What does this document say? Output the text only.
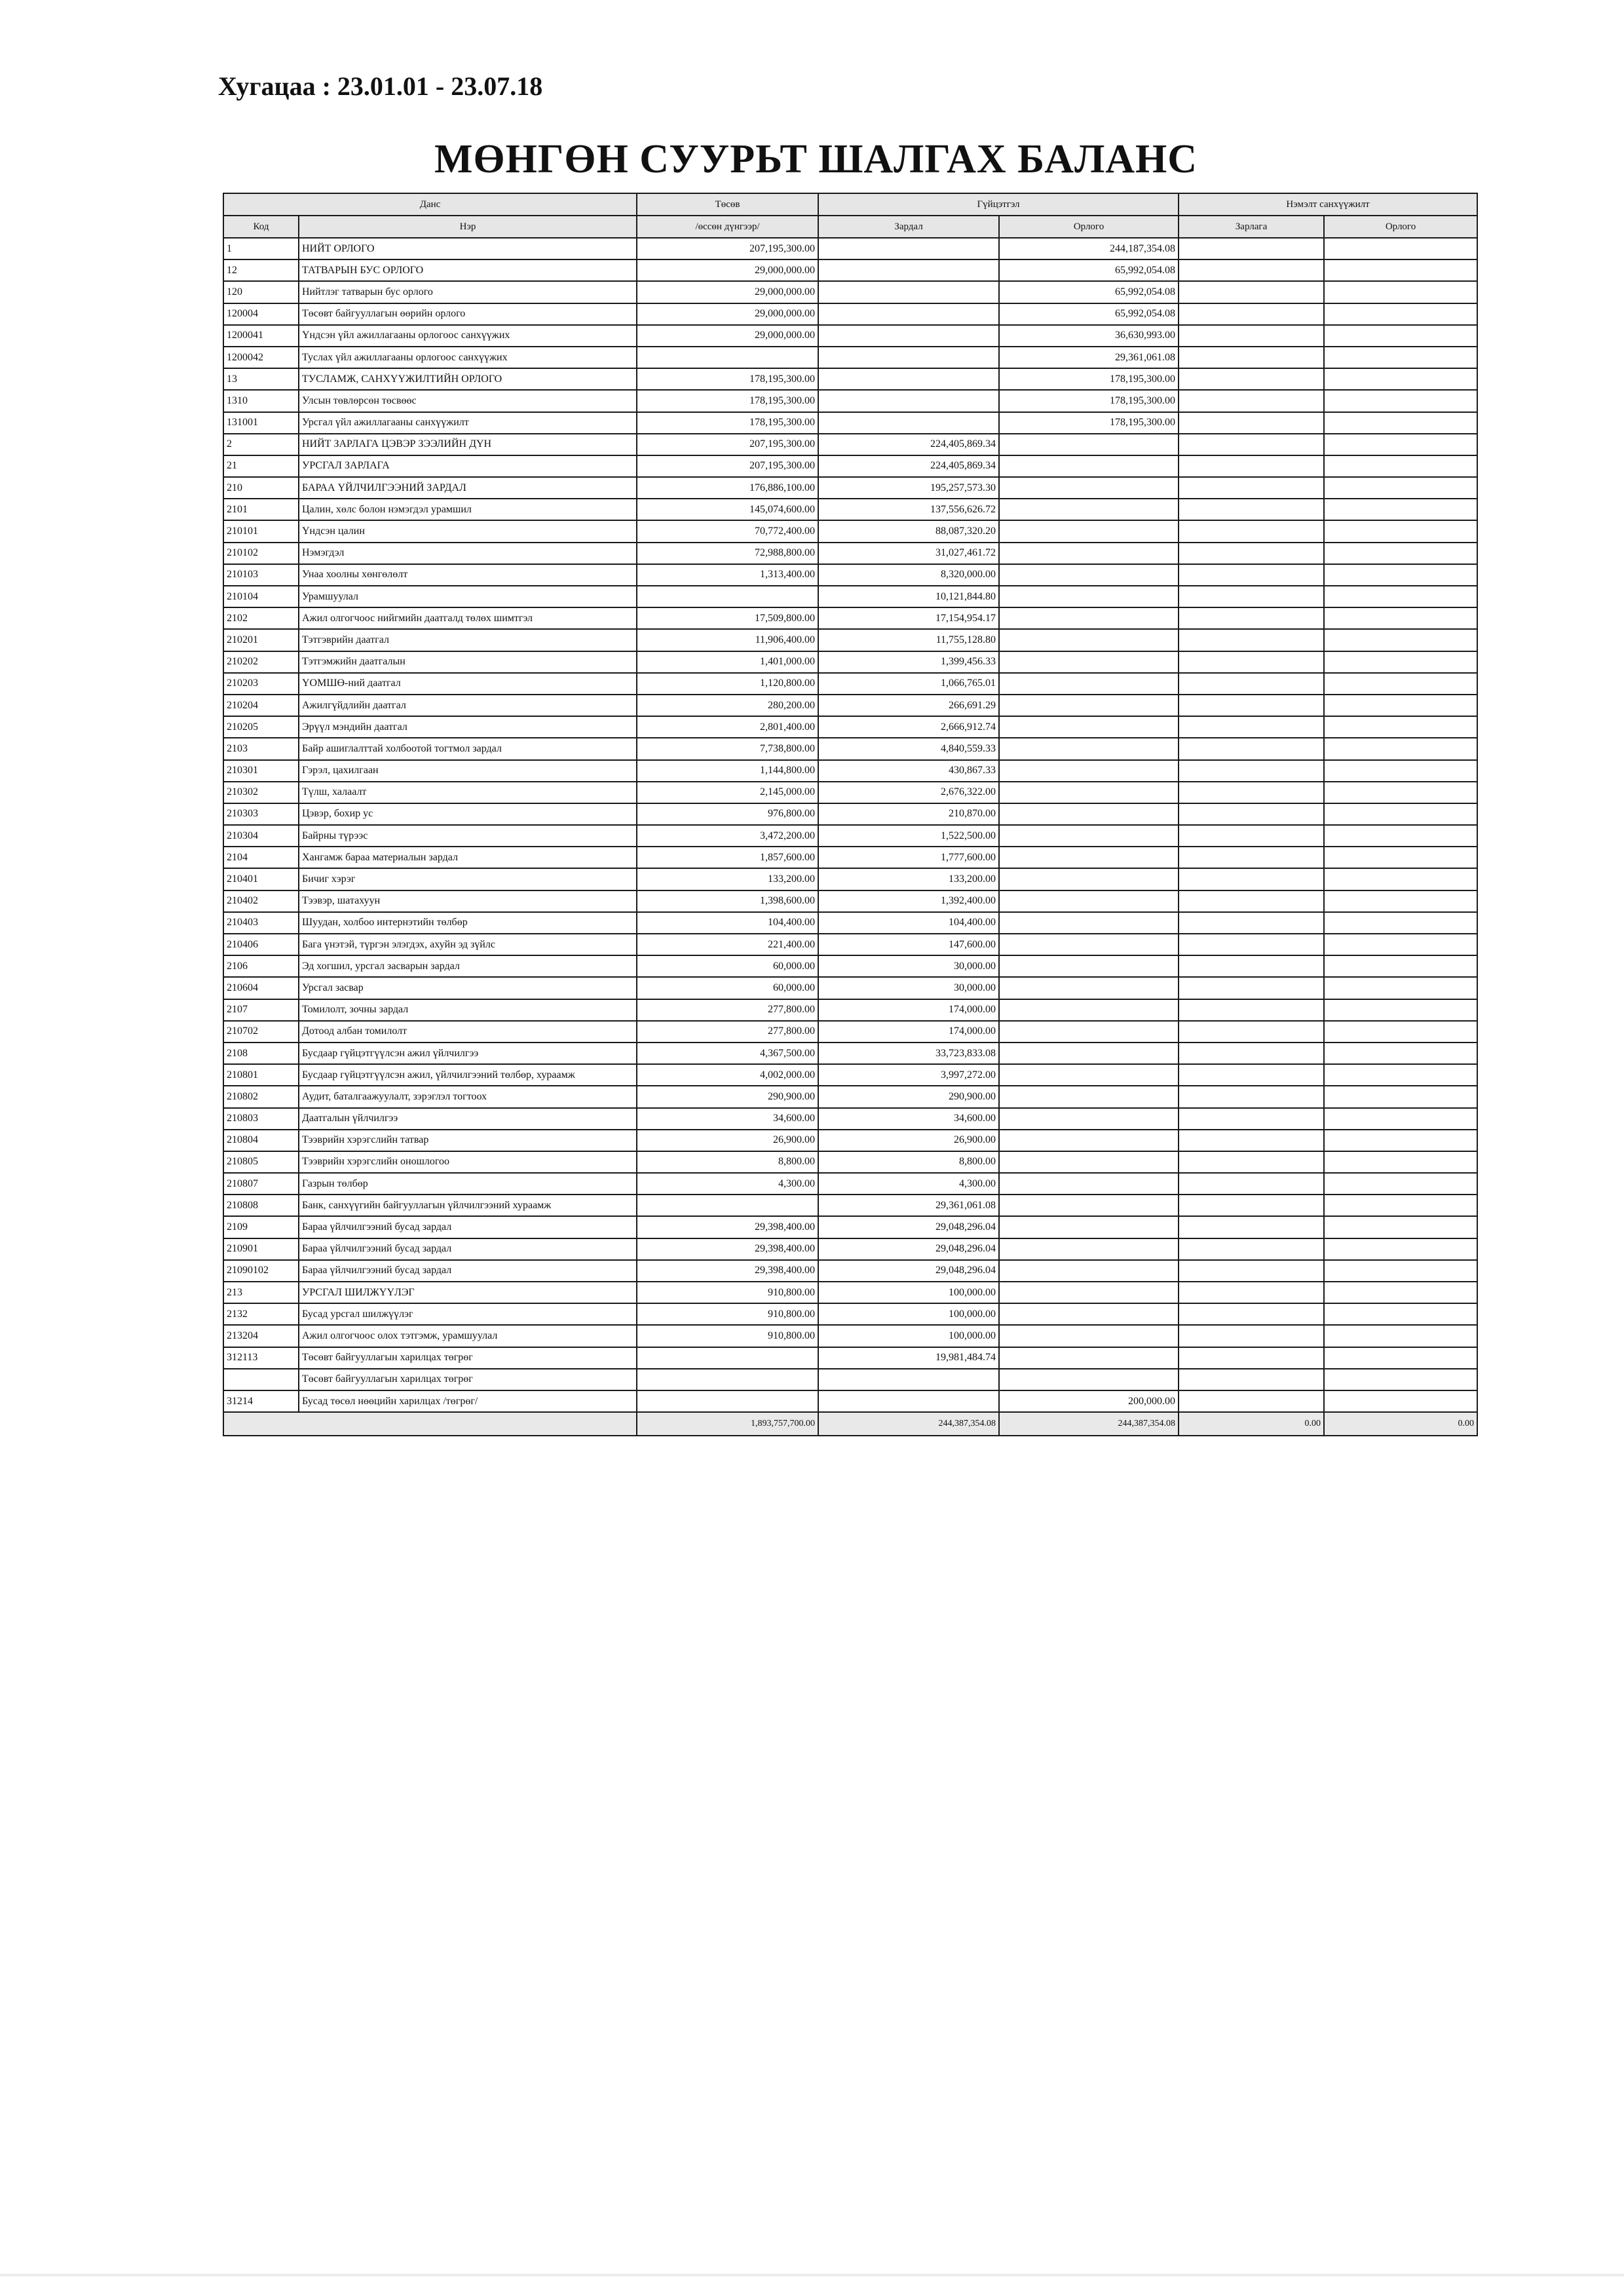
Хугацаа : 23.01.01 - 23.07.18
МӨНГӨН СУУРЬТ ШАЛГАХ БАЛАНС
Данс		Төсөв	Гүйцэтгэл		Нэмэлт санхүүжилт	
Код	Нэр	/өссөн дүнгээр/	Зардал	Орлого	Зарлага	Орлого
1	НИЙТ ОРЛОГО	207,195,300.00		244,187,354.08		
12	ТАТВАРЫН БУС ОРЛОГО	29,000,000.00		65,992,054.08		
120	Нийтлэг татварын бус орлого	29,000,000.00		65,992,054.08		
120004	Төсөвт байгууллагын өөрийн орлого	29,000,000.00		65,992,054.08		
1200041	Үндсэн үйл ажиллагааны орлогоос санхүүжих	29,000,000.00		36,630,993.00		
1200042	Туслах үйл ажиллагааны орлогоос санхүүжих			29,361,061.08		
13	ТУСЛАМЖ, САНХҮҮЖИЛТИЙН ОРЛОГО	178,195,300.00		178,195,300.00		
1310	Улсын төвлөрсөн төсвөөс	178,195,300.00		178,195,300.00		
131001	Урсгал үйл ажиллагааны санхүүжилт	178,195,300.00		178,195,300.00		
2	НИЙТ ЗАРЛАГА ЦЭВЭР ЗЭЭЛИЙН ДҮН	207,195,300.00	224,405,869.34			
21	УРСГАЛ ЗАРЛАГА	207,195,300.00	224,405,869.34			
210	БАРАА ҮЙЛЧИЛГЭЭНИЙ ЗАРДАЛ	176,886,100.00	195,257,573.30			
2101	Цалин, хөлс болон нэмэгдэл урамшил	145,074,600.00	137,556,626.72			
210101	Үндсэн цалин	70,772,400.00	88,087,320.20			
210102	Нэмэгдэл	72,988,800.00	31,027,461.72			
210103	Унаа хоолны хөнгөлөлт	1,313,400.00	8,320,000.00			
210104	Урамшуулал		10,121,844.80			
2102	Ажил олгогчоос нийгмийн даатгалд төлөх шимтгэл	17,509,800.00	17,154,954.17			
210201	Тэтгэврийн даатгал	11,906,400.00	11,755,128.80			
210202	Тэтгэмжийн даатгалын	1,401,000.00	1,399,456.33			
210203	ҮОМШӨ-ний даатгал	1,120,800.00	1,066,765.01			
210204	Ажилгүйдлийн даатгал	280,200.00	266,691.29			
210205	Эрүүл мэндийн даатгал	2,801,400.00	2,666,912.74			
2103	Байр ашиглалттай холбоотой тогтмол зардал	7,738,800.00	4,840,559.33			
210301	Гэрэл, цахилгаан	1,144,800.00	430,867.33			
210302	Түлш, халаалт	2,145,000.00	2,676,322.00			
210303	Цэвэр, бохир ус	976,800.00	210,870.00			
210304	Байрны түрээс	3,472,200.00	1,522,500.00			
2104	Хангамж бараа материалын зардал	1,857,600.00	1,777,600.00			
210401	Бичиг хэрэг	133,200.00	133,200.00			
210402	Тээвэр, шатахуун	1,398,600.00	1,392,400.00			
210403	Шуудан, холбоо интернэтийн төлбөр	104,400.00	104,400.00			
210406	Бага үнэтэй, түргэн элэгдэх, ахуйн эд зүйлс	221,400.00	147,600.00			
2106	Эд хогшил, урсгал засварын зардал	60,000.00	30,000.00			
210604	Урсгал засвар	60,000.00	30,000.00			
2107	Томилолт, зочны зардал	277,800.00	174,000.00			
210702	Дотоод албан томилолт	277,800.00	174,000.00			
2108	Бусдаар гүйцэтгүүлсэн ажил үйлчилгээ	4,367,500.00	33,723,833.08			
210801	Бусдаар гүйцэтгүүлсэн ажил, үйлчилгээний төлбөр, хураамж	4,002,000.00	3,997,272.00			
210802	Аудит, баталгаажуулалт, зэрэглэл тогтоох	290,900.00	290,900.00			
210803	Даатгалын үйлчилгээ	34,600.00	34,600.00			
210804	Тээврийн хэрэгслийн татвар	26,900.00	26,900.00			
210805	Тээврийн хэрэгслийн оношлогоо	8,800.00	8,800.00			
210807	Газрын төлбөр	4,300.00	4,300.00			
210808	Банк, санхүүгийн байгууллагын үйлчилгээний хураамж		29,361,061.08			
2109	Бараа үйлчилгээний бусад зардал	29,398,400.00	29,048,296.04			
210901	Бараа үйлчилгээний бусад зардал	29,398,400.00	29,048,296.04			
21090102	Бараа үйлчилгээний бусад зардал	29,398,400.00	29,048,296.04			
213	УРСГАЛ ШИЛЖҮҮЛЭГ	910,800.00	100,000.00			
2132	Бусад урсгал шилжүүлэг	910,800.00	100,000.00			
213204	Ажил олгогчоос олох тэтгэмж, урамшуулал	910,800.00	100,000.00			
312113	Төсөвт байгууллагын харилцах төгрөг		19,981,484.74			
	Төсөвт байгууллагын харилцах төгрөг					
31214	Бусад төсөл нөөцийн харилцах /төгрөг/			200,000.00		
		1,893,757,700.00	244,387,354.08	244,387,354.08	0.00	0.00
